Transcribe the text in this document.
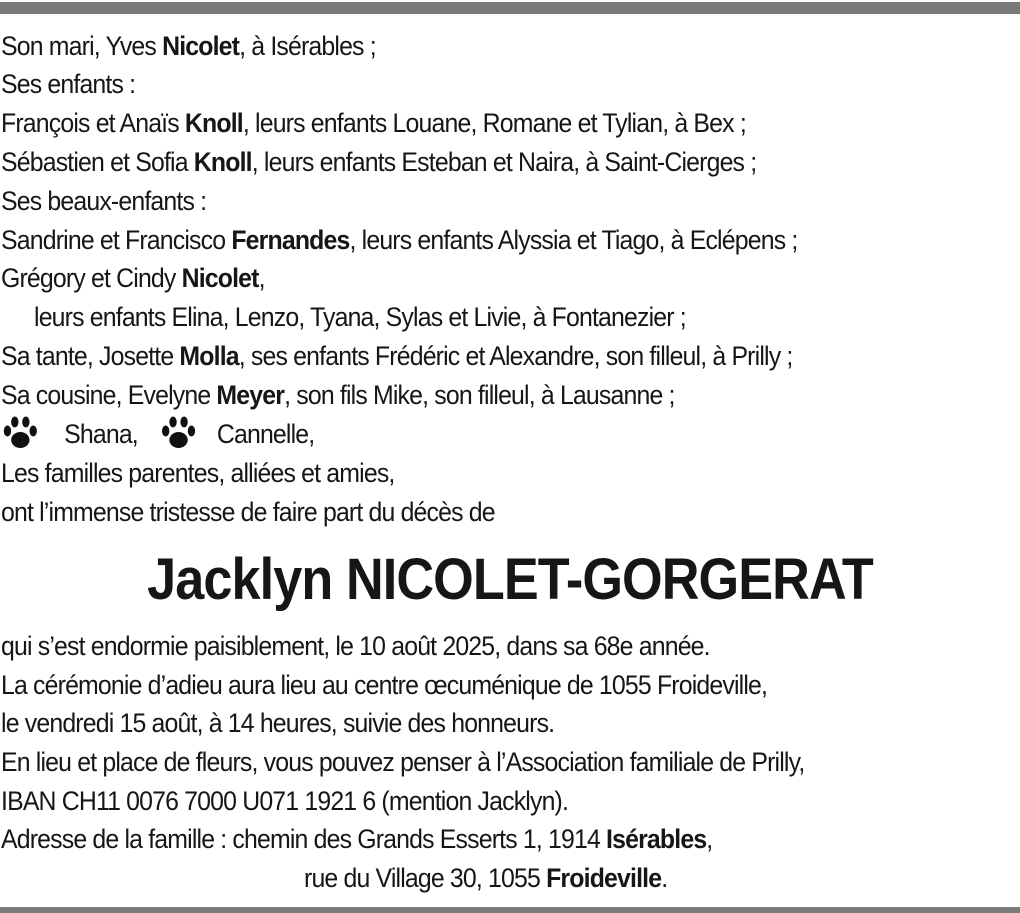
Son mari, Yves Nicolet, à Isérables ;
Ses enfants :
François et Anaïs Knoll, leurs enfants Louane, Romane et Tylian, à Bex ;
Sébastien et Sofia Knoll, leurs enfants Esteban et Naira, à Saint-Cierges ;
Ses beaux-enfants :
Sandrine et Francisco Fernandes, leurs enfants Alyssia et Tiago, à Eclépens ;
Grégory et Cindy Nicolet,
leurs enfants Elina, Lenzo, Tyana, Sylas et Livie, à Fontanezier ;
Sa tante, Josette Molla, ses enfants Frédéric et Alexandre, son filleul, à Prilly ;
Sa cousine, Evelyne Meyer, son fils Mike, son filleul, à Lausanne ;
Shana,	Cannelle,
Les familles parentes, alliées et amies,
ont l’immense tristesse de faire part du décès de
Jacklyn NICOLET-GORGERAT
qui s’est endormie paisiblement, le 10 août 2025, dans sa 68e année.
La cérémonie d’adieu aura lieu au centre œcuménique de 1055 Froideville,
le vendredi 15 août, à 14 heures, suivie des honneurs.
En lieu et place de fleurs, vous pouvez penser à l’Association familiale de Prilly,
IBAN CH11 0076 7000 U071 1921 6 (mention Jacklyn).
Adresse de la famille : chemin des Grands Esserts 1, 1914 Isérables,
rue du Village 30, 1055 Froideville.
